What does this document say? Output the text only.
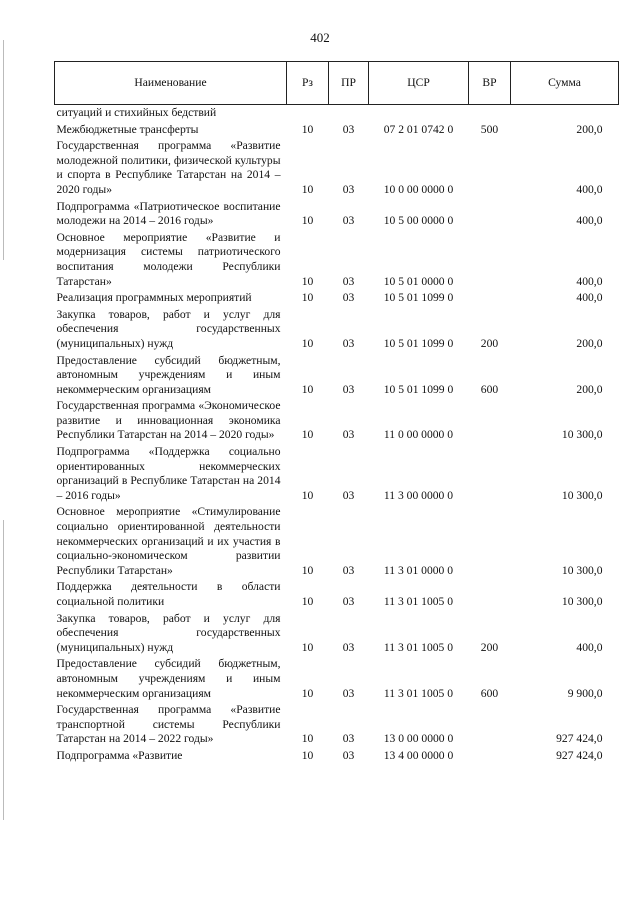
402
Наименование	Рз	ПР	ЦСР	ВР	Сумма
ситуаций и стихийных бедствий					
Межбюджетные трансферты	10	03	07 2 01 0742 0	500	200,0
Государственная программа «Развитие молодежной политики, физической культуры и спорта в Республике Татарстан на 2014 – 2020 годы»	10	03	10 0 00 0000 0		400,0
Подпрограмма «Патриотическое воспитание молодежи на 2014 – 2016 годы»	10	03	10 5 00 0000 0		400,0
Основное мероприятие «Развитие и модернизация системы патриотического воспитания молодежи Республики Татарстан»	10	03	10 5 01 0000 0		400,0
Реализация программных мероприятий	10	03	10 5 01 1099 0		400,0
Закупка товаров, работ и услуг для обеспечения государственных (муниципальных) нужд	10	03	10 5 01 1099 0	200	200,0
Предоставление субсидий бюджетным, автономным учреждениям и иным некоммерческим организациям	10	03	10 5 01 1099 0	600	200,0
Государственная программа «Экономическое развитие и инновационная экономика Республики Татарстан на 2014 – 2020 годы»	10	03	11 0 00 0000 0		10 300,0
Подпрограмма «Поддержка социально ориентированных некоммерческих организаций в Республике Татарстан на 2014 – 2016 годы»	10	03	11 3 00 0000 0		10 300,0
Основное мероприятие «Стимулирование социально ориентированной деятельности некоммерческих организаций и их участия в социально-экономическом развитии Республики Татарстан»	10	03	11 3 01 0000 0		10 300,0
Поддержка деятельности в области социальной политики	10	03	11 3 01 1005 0		10 300,0
Закупка товаров, работ и услуг для обеспечения государственных (муниципальных) нужд	10	03	11 3 01 1005 0	200	400,0
Предоставление субсидий бюджетным, автономным учреждениям и иным некоммерческим организациям	10	03	11 3 01 1005 0	600	9 900,0
Государственная программа «Развитие транспортной системы Республики Татарстан на 2014 – 2022 годы»	10	03	13 0 00 0000 0		927 424,0
Подпрограмма «Развитие	10	03	13 4 00 0000 0		927 424,0
